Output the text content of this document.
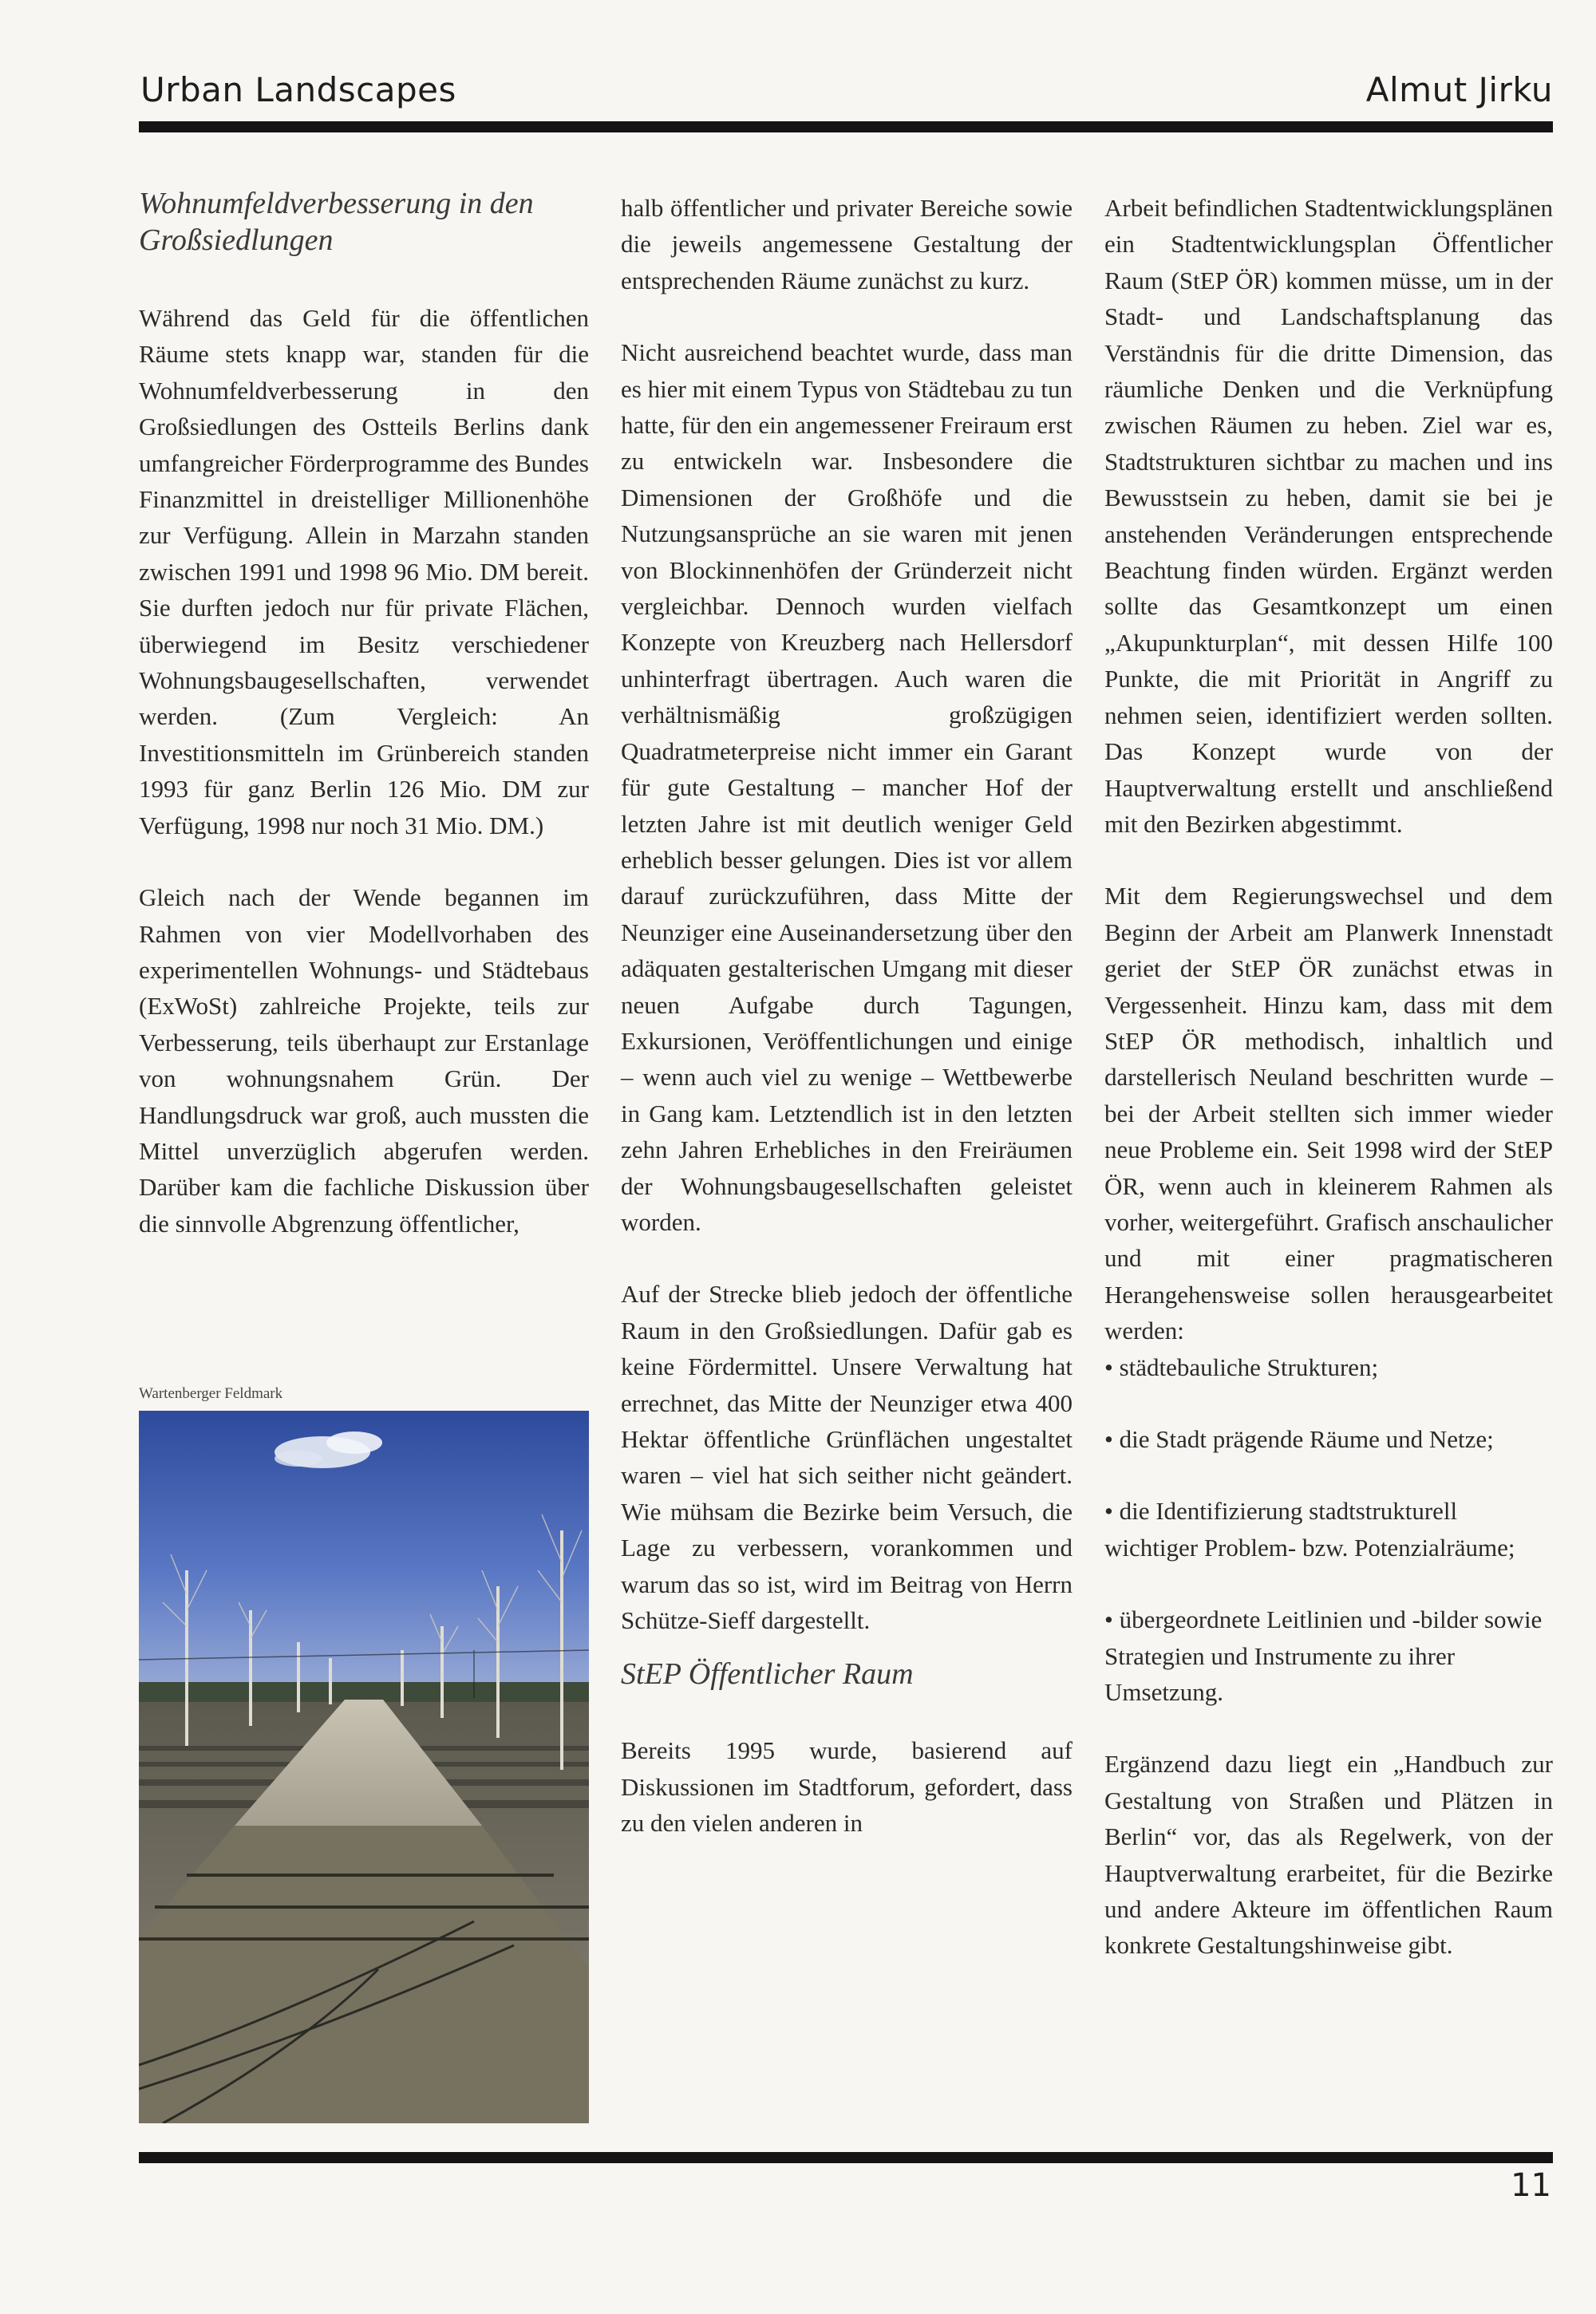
Urban Landscapes	Almut Jirku
Wohnumfeldverbesserung in den Großsiedlungen

Während das Geld für die öffentlichen Räume stets knapp war, standen für die Wohnumfeldverbesserung in den Großsiedlungen des Ostteils Berlins dank umfangreicher Förderprogramme des Bundes Finanzmittel in dreistelliger Millionenhöhe zur Verfügung. Allein in Marzahn standen zwischen 1991 und 1998 96 Mio. DM bereit. Sie durften jedoch nur für private Flächen, überwiegend im Besitz verschiedener Wohnungsbaugesellschaften, verwendet werden. (Zum Vergleich: An Investitionsmitteln im Grünbereich standen 1993 für ganz Berlin 126 Mio. DM zur Verfügung, 1998 nur noch 31 Mio. DM.)

Gleich nach der Wende begannen im Rahmen von vier Modellvorhaben des experimentellen Wohnungs- und Städtebaus (ExWoSt) zahlreiche Projekte, teils zur Verbesserung, teils überhaupt zur Erstanlage von wohnungsnahem Grün. Der Handlungsdruck war groß, auch mussten die Mittel unverzüglich abgerufen werden. Darüber kam die fachliche Diskussion über die sinnvolle Abgrenzung öffentlicher,

Wartenberger Feldmark

halb öffentlicher und privater Bereiche sowie die jeweils angemessene Gestaltung der entsprechenden Räume zunächst zu kurz.

Nicht ausreichend beachtet wurde, dass man es hier mit einem Typus von Städtebau zu tun hatte, für den ein angemessener Freiraum erst zu entwickeln war. Insbesondere die Dimensionen der Großhöfe und die Nutzungsansprüche an sie waren mit jenen von Blockinnenhöfen der Gründerzeit nicht vergleichbar. Dennoch wurden vielfach Konzepte von Kreuzberg nach Hellersdorf unhinterfragt übertragen. Auch waren die verhältnismäßig großzügigen Quadratmeterpreise nicht immer ein Garant für gute Gestaltung – mancher Hof der letzten Jahre ist mit deutlich weniger Geld erheblich besser gelungen. Dies ist vor allem darauf zurückzuführen, dass Mitte der Neunziger eine Auseinandersetzung über den adäquaten gestalterischen Umgang mit dieser neuen Aufgabe durch Tagungen, Exkursionen, Veröffentlichungen und einige – wenn auch viel zu wenige – Wettbewerbe in Gang kam. Letztendlich ist in den letzten zehn Jahren Erhebliches in den Freiräumen der Wohnungsbaugesellschaften geleistet worden.

Auf der Strecke blieb jedoch der öffentliche Raum in den Großsiedlungen. Dafür gab es keine Fördermittel. Unsere Verwaltung hat errechnet, das Mitte der Neunziger etwa 400 Hektar öffentliche Grünflächen ungestaltet waren – viel hat sich seither nicht geändert. Wie mühsam die Bezirke beim Versuch, die Lage zu verbessern, vorankommen und warum das so ist, wird im Beitrag von Herrn Schütze-Sieff dargestellt.

StEP Öffentlicher Raum

Bereits 1995 wurde, basierend auf Diskussionen im Stadtforum, gefordert, dass zu den vielen anderen in

Arbeit befindlichen Stadtentwicklungsplänen ein Stadtentwicklungsplan Öffentlicher Raum (StEP ÖR) kommen müsse, um in der Stadt- und Landschaftsplanung das Verständnis für die dritte Dimension, das räumliche Denken und die Verknüpfung zwischen Räumen zu heben. Ziel war es, Stadtstrukturen sichtbar zu machen und ins Bewusstsein zu heben, damit sie bei je anstehenden Veränderungen entsprechende Beachtung finden würden. Ergänzt werden sollte das Gesamtkonzept um einen „Akupunkturplan“, mit dessen Hilfe 100 Punkte, die mit Priorität in Angriff zu nehmen seien, identifiziert werden sollten. Das Konzept wurde von der Hauptverwaltung erstellt und anschließend mit den Bezirken abgestimmt.

Mit dem Regierungswechsel und dem Beginn der Arbeit am Planwerk Innenstadt geriet der StEP ÖR zunächst etwas in Vergessenheit. Hinzu kam, dass mit dem StEP ÖR methodisch, inhaltlich und darstellerisch Neuland beschritten wurde – bei der Arbeit stellten sich immer wieder neue Probleme ein. Seit 1998 wird der StEP ÖR, wenn auch in kleinerem Rahmen als vorher, weitergeführt. Grafisch anschaulicher und mit einer pragmatischeren Herangehensweise sollen herausgearbeitet werden:

• städtebauliche Strukturen;

• die Stadt prägende Räume und Netze;

• die Identifizierung stadtstrukturell wichtiger Problem- bzw. Potenzialräume;

• übergeordnete Leitlinien und -bilder sowie Strategien und Instrumente zu ihrer Umsetzung.

Ergänzend dazu liegt ein „Handbuch zur Gestaltung von Straßen und Plätzen in Berlin“ vor, das als Regelwerk, von der Hauptverwaltung erarbeitet, für die Bezirke und andere Akteure im öffentlichen Raum konkrete Gestaltungshinweise gibt.

11
